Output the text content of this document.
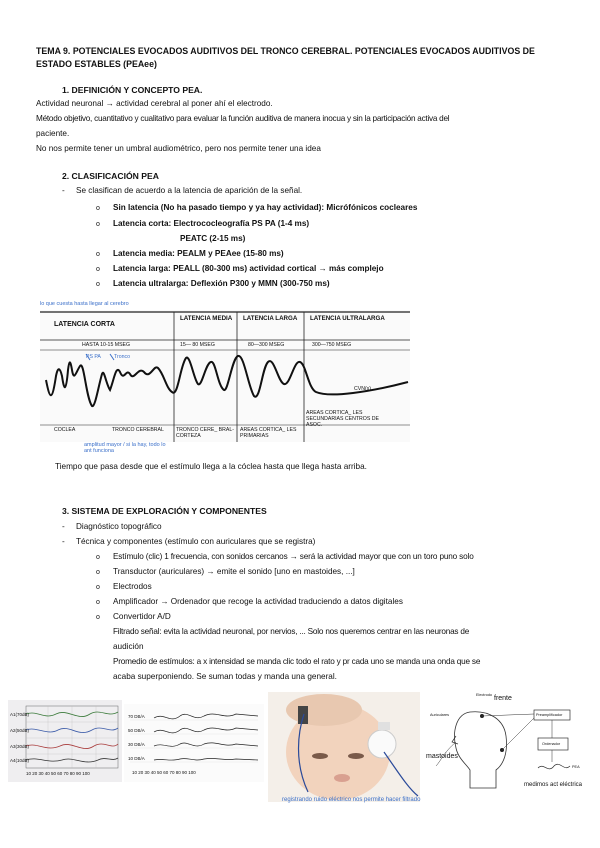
TEMA 9. POTENCIALES EVOCADOS AUDITIVOS DEL TRONCO CEREBRAL. POTENCIALES EVOCADOS AUDITIVOS DE ESTADO ESTABLES (PEAee)
1. DEFINICIÓN Y CONCEPTO PEA.
Actividad neuronal → actividad cerebral al poner ahí el electrodo.
Método objetivo, cuantitativo y cualitativo para evaluar la función auditiva de manera inocua y sin la participación activa del
paciente.
No nos permite tener un umbral audiométrico, pero nos permite tener una idea
2. CLASIFICACIÓN PEA
- Se clasifican de acuerdo a la latencia de aparición de la señal.
o Sin latencia (No ha pasado tiempo y ya hay actividad): Micrófónicos cocleares
o Latencia corta: Electrococleografía PS PA (1-4 ms)
PEATC (2-15 ms)
o Latencia media: PEALM y PEAee (15-80 ms)
o Latencia larga: PEALL (80-300 ms) actividad cortical → más complejo
o Latencia ultralarga: Deflexión P300 y MMN (300-750 ms)
lo que cuesta hasta llegar al cerebro
LATENCIA CORTA
LATENCIA MEDIA	LATENCIA LARGA	LATENCIA ULTRALARGA
HASTA 10-15 MSEG	15— 80 MSEG	80—300 MSEG	300—750 MSEG
PS PA	Tronco
CVN(s)
COCLEA	TRONCO CEREBRAL	TRONCO CERE_ BRAL-CORTEZA
AREAS CORTICA_ LES PRIMARIAS
AREAS CORTICA_ LES SECUNDARIAS CENTROS DE ASOC.
amplitud mayor / si la hay, todo lo ant funciona
Tiempo que pasa desde que el estímulo llega a la cóclea hasta que llega hasta arriba.
3. SISTEMA DE EXPLORACIÓN Y COMPONENTES
- Diagnóstico topográfico
- Técnica y componentes (estímulo con auriculares que se registra)
o Estímulo (clic) 1 frecuencia, con sonidos cercanos → será la actividad mayor que con un toro puno solo
o Transductor (auriculares) → emite el sonido [uno en mastoides, ...]
o Electrodos
o Amplificador → Ordenador que recoge la actividad traduciendo a datos digitales
o Convertidor A/D
Filtrado señal: evita la actividad neuronal, por nervios, ... Solo nos queremos centrar en las neuronas de
audición
Promedio de estímulos: a x intensidad se manda clic todo el rato y pr cada uno se manda una onda que se
acaba superponiendo. Se suman todas y manda una general.
A1(70dB)
A2(50dB)
A3(30dB)
A4(10dB)
10 20 30 40 50 60 70 80 90 100
70 DB/A
50 DB/A
30 DB/A
10 DB/A
10 20 30 40 50 60 70 80 90 100
registrando ruido eléctrico nos permite hacer filtrado
frente
mastoides
medimos act eléctrica
Electrodo
Auriculares	Preamplificador
Ordenador
PEA
